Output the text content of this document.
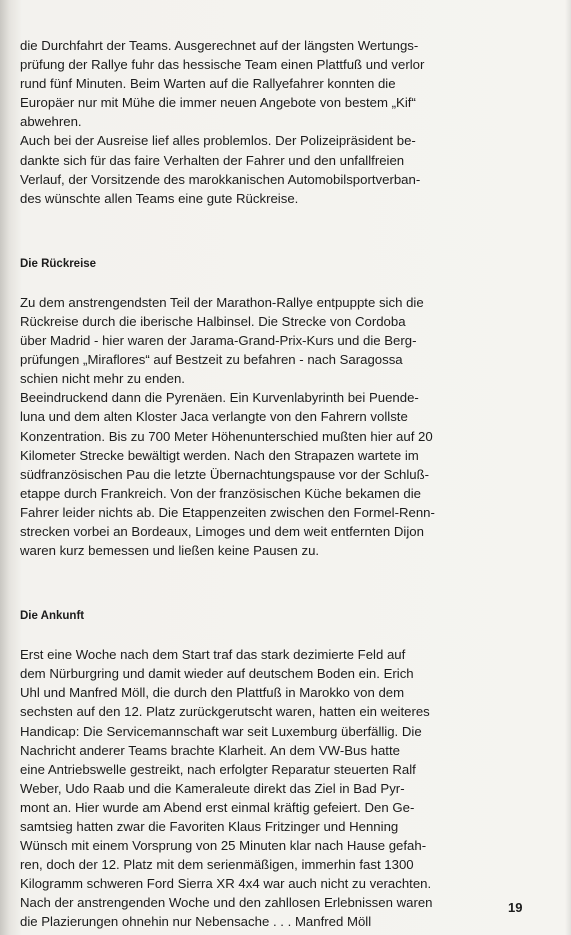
die Durchfahrt der Teams. Ausgerechnet auf der längsten Wertungs-
prüfung der Rallye fuhr das hessische Team einen Plattfuß und verlor
rund fünf Minuten. Beim Warten auf die Rallyefahrer konnten die
Europäer nur mit Mühe die immer neuen Angebote von bestem „Kif“
abwehren.
Auch bei der Ausreise lief alles problemlos. Der Polizeipräsident be-
dankte sich für das faire Verhalten der Fahrer und den unfallfreien
Verlauf, der Vorsitzende des marokkanischen Automobilsportverban-
des wünschte allen Teams eine gute Rückreise.

Die Rückreise

Zu dem anstrengendsten Teil der Marathon-Rallye entpuppte sich die
Rückreise durch die iberische Halbinsel. Die Strecke von Cordoba
über Madrid - hier waren der Jarama-Grand-Prix-Kurs und die Berg-
prüfungen „Miraflores“ auf Bestzeit zu befahren - nach Saragossa
schien nicht mehr zu enden.
Beeindruckend dann die Pyrenäen. Ein Kurvenlabyrinth bei Puende-
luna und dem alten Kloster Jaca verlangte von den Fahrern vollste
Konzentration. Bis zu 700 Meter Höhenunterschied mußten hier auf 20
Kilometer Strecke bewältigt werden. Nach den Strapazen wartete im
südfranzösischen Pau die letzte Übernachtungspause vor der Schluß-
etappe durch Frankreich. Von der französischen Küche bekamen die
Fahrer leider nichts ab. Die Etappenzeiten zwischen den Formel-Renn-
strecken vorbei an Bordeaux, Limoges und dem weit entfernten Dijon
waren kurz bemessen und ließen keine Pausen zu.

Die Ankunft

Erst eine Woche nach dem Start traf das stark dezimierte Feld auf
dem Nürburgring und damit wieder auf deutschem Boden ein. Erich
Uhl und Manfred Möll, die durch den Plattfuß in Marokko von dem
sechsten auf den 12. Platz zurückgerutscht waren, hatten ein weiteres
Handicap: Die Servicemannschaft war seit Luxemburg überfällig. Die
Nachricht anderer Teams brachte Klarheit. An dem VW-Bus hatte
eine Antriebswelle gestreikt, nach erfolgter Reparatur steuerten Ralf
Weber, Udo Raab und die Kameraleute direkt das Ziel in Bad Pyr-
mont an. Hier wurde am Abend erst einmal kräftig gefeiert. Den Ge-
samtsieg hatten zwar die Favoriten Klaus Fritzinger und Henning
Wünsch mit einem Vorsprung von 25 Minuten klar nach Hause gefah-
ren, doch der 12. Platz mit dem serienmäßigen, immerhin fast 1300
Kilogramm schweren Ford Sierra XR 4x4 war auch nicht zu verachten.
Nach der anstrengenden Woche und den zahllosen Erlebnissen waren
die Plazierungen ohnehin nur Nebensache . . . Manfred Möll

19
